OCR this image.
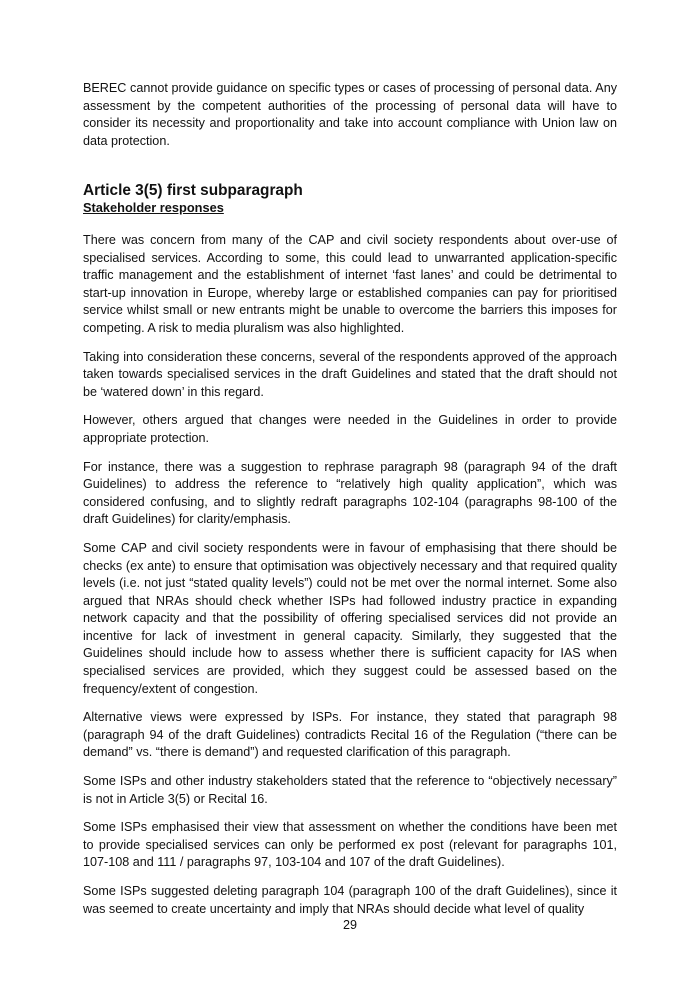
BEREC cannot provide guidance on specific types or cases of processing of personal data. Any assessment by the competent authorities of the processing of personal data will have to consider its necessity and proportionality and take into account compliance with Union law on data protection.

Article 3(5) first subparagraph
Stakeholder responses

There was concern from many of the CAP and civil society respondents about over-use of specialised services. According to some, this could lead to unwarranted application-specific traffic management and the establishment of internet ‘fast lanes’ and could be detrimental to start-up innovation in Europe, whereby large or established companies can pay for prioritised service whilst small or new entrants might be unable to overcome the barriers this imposes for competing. A risk to media pluralism was also highlighted.

Taking into consideration these concerns, several of the respondents approved of the approach taken towards specialised services in the draft Guidelines and stated that the draft should not be ‘watered down’ in this regard.

However, others argued that changes were needed in the Guidelines in order to provide appropriate protection.

For instance, there was a suggestion to rephrase paragraph 98 (paragraph 94 of the draft Guidelines) to address the reference to “relatively high quality application”, which was considered confusing, and to slightly redraft paragraphs 102-104 (paragraphs 98-100 of the draft Guidelines) for clarity/emphasis.

Some CAP and civil society respondents were in favour of emphasising that there should be checks (ex ante) to ensure that optimisation was objectively necessary and that required quality levels (i.e. not just “stated quality levels”) could not be met over the normal internet. Some also argued that NRAs should check whether ISPs had followed industry practice in expanding network capacity and that the possibility of offering specialised services did not provide an incentive for lack of investment in general capacity. Similarly, they suggested that the Guidelines should include how to assess whether there is sufficient capacity for IAS when specialised services are provided, which they suggest could be assessed based on the frequency/extent of congestion.

Alternative views were expressed by ISPs. For instance, they stated that paragraph 98 (paragraph 94 of the draft Guidelines) contradicts Recital 16 of the Regulation (“there can be demand” vs. “there is demand”) and requested clarification of this paragraph.

Some ISPs and other industry stakeholders stated that the reference to “objectively necessary” is not in Article 3(5) or Recital 16.

Some ISPs emphasised their view that assessment on whether the conditions have been met to provide specialised services can only be performed ex post (relevant for paragraphs 101, 107-108 and 111 / paragraphs 97, 103-104 and 107 of the draft Guidelines).

Some ISPs suggested deleting paragraph 104 (paragraph 100 of the draft Guidelines), since it was seemed to create uncertainty and imply that NRAs should decide what level of quality

29
